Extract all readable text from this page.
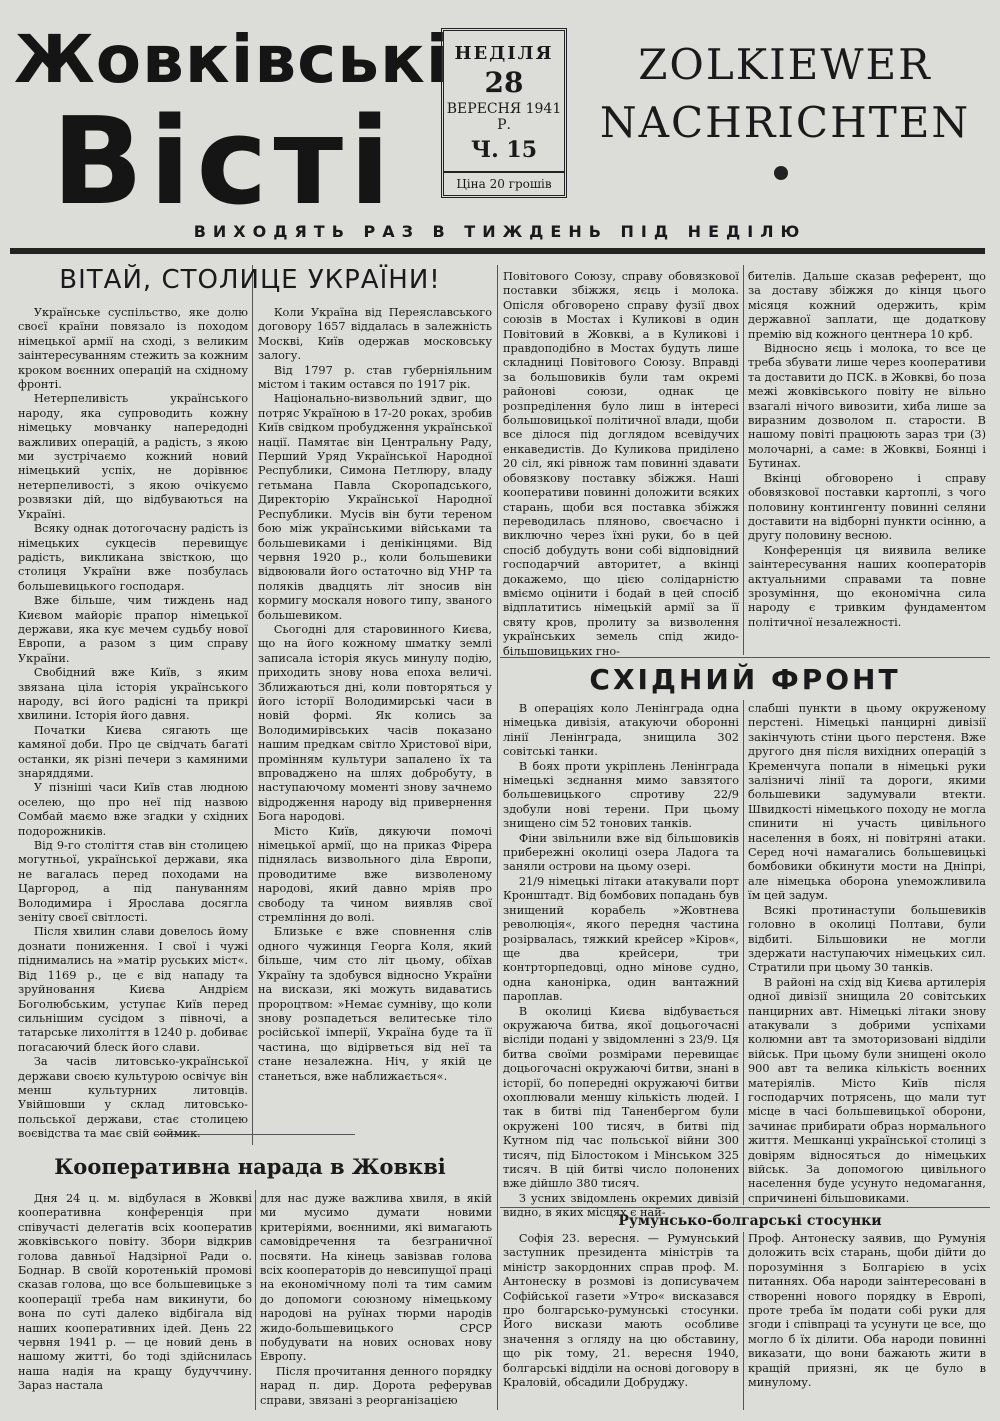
Жовківські
Вісті
НЕДІЛЯ
28
ВЕРЕСНЯ 1941 Р.
Ч. 15
Ціна 20 грошів
ZOLKIEWER
NACHRICHTEN
ВИХОДЯТЬ РАЗ В ТИЖДЕНЬ ПІД НЕДІЛЮ
ВІТАЙ, СТОЛИЦЕ УКРАЇНИ!

Українське суспільство, яке долю своєї країни повязало із походом німецької армії на сході, з великим заінтересуванням стежить за кожним кроком воєнних операцій на східному фронті.

Нетерпеливість українського народу, яка супроводить кожну німецьку мовчанку напередодні важливих операцій, а радість, з якою ми зустрічаємо кожний новий німецький успіх, не дорівнює нетерпеливості, з якою очікуємо розвязки дій, що відбуваються на Україні.

Всяку однак дотогочасну радість із німецьких сукцесів перевищує радість, викликана звісткою, що столиця України вже позбулась большевицького господаря.

Вже більше, чим тиждень над Києвом майоріє прапор німецької держави, яка кує мечем судьбу нової Европи, а разом з цим справу України.

Свобідний вже Київ, з яким звязана ціла історія українського народу, всі його радісні та прикрі хвилини. Історія його давня.

Початки Києва сягають ще камяної доби. Про це свідчать багаті останки, як різні печери з камяними знаряддями.

У пізніші часи Київ став людною оселею, що про неї під назвою Сомбай маємо вже згадки у східних подорожників.

Від 9-го століття став він столицею могутньої, української держави, яка не вагалась перед походами на Царгород, а під пануванням Володимира і Ярослава досягла зеніту своєї світлості.

Після хвилин слави довелось йому дознати пониження. І свої і чужі піднимались на »матір руських міст«. Від 1169 р., це є від нападу та зруйновання Києва Андрієм Боголюбським, уступає Київ перед сильнішим сусідом з півночі, а татарське лихоліття в 1240 р. добиває погасаючий блеск його слави.

За часів литовсько-української держави своєю культурою освічує він менш культурних литовців. Увійшовши у склад литовсько-польської держави, стає столицею воєвідства та має свій соймик.

Коли Україна від Переяславського договору 1657 віддалась в залежність Москві, Київ одержав московську залогу.

Від 1797 р. став губерніяльним містом і таким остався по 1917 рік.

Національно-визвольний здвиг, що потряс Україною в 17-20 роках, зробив Київ свідком пробудження української нації. Памятає він Центральну Раду, Перший Уряд Української Народної Республики, Симона Петлюру, владу гетьмана Павла Скоропадського, Директорію Української Народної Республики. Мусів він бути тереном бою між українськими військами та большевиками і денікінцями. Від червня 1920 р., коли большевики відвоювали його остаточно від УНР та поляків двадцять літ зносив він кормигу москаля нового типу, званого большевиком.

Сьогодні для старовинного Києва, що на його кожному шматку землі записала історія якусь минулу подію, приходить знову нова епоха величі. Зближаються дні, коли повторяться у його історії Володимирські часи в новій формі. Як колись за Володимирівських часів показано нашим предкам світло Христової віри, промінням культури запалено їх та впроваджено на шлях добробуту, в наступаючому моменті знову зачнемо відродження народу від привернення Бога народові.

Місто Київ, дякуючи помочі німецької армії, що на приказ Фірера піднялась визвольного діла Европи, проводитиме вже визволеному народові, який давно мріяв про свободу та чином виявляв свої стремління до волі.

Близьке є вже сповнення слів одного чужинця Георга Коля, який більше, чим сто літ цьому, обїхав Україну та здобувся відносно України на вискази, які можуть видаватись пророцтвом: »Немає сумніву, що коли знову розпадеться велитеське тіло російської імперії, Україна буде та її частина, що відірветься від неї та стане незалежна. Ніч, у якій це станеться, вже наближається«.

Повітового Союзу, справу обовязкової поставки збіжжя, яєць і молока. Опісля обговорено справу фузії двох союзів в Мостах і Куликові в один Повітовий в Жовкві, а в Куликові і правдоподібно в Мостах будуть лише складниці Повітового Союзу. Вправді за большовиків були там окремі районові союзи, однак це розпреділення було лиш в інтересі большовицької політичної влади, щоби все ділося під доглядом всевідучих енкаведистів. До Куликова приділено 20 сіл, які рівнож там повинні здавати обовязкову поставку збіжжя. Наші кооперативи повинні доложити всяких старань, щоби вся поставка збіжжя переводилась пляново, своєчасно і виключно через їхні руки, бо в цей спосіб добудуть вони собі відповідний господарчий авторитет, а вкінці докажемо, що цією солідарністю вміємо оцінити і бодай в цей спосіб відплатитись німецькій армії за її святу кров, пролиту за визволення українських земель спід жидо-більшовицьких гно-

бителів. Дальше сказав референт, що за доставу збіжжя до кінця цього місяця кожний одержить, крім державної заплати, ще додаткову премію від кожного центнера 10 крб.

Відносно яєць і молока, то все це треба збувати лише через кооперативи та доставити до ПСК. в Жовкві, бо поза межі жовківського повіту не вільно взагалі нічого вивозити, хиба лише за виразним дозволом п. старости. В нашому повіті працюють зараз три (3) молочарні, а саме: в Жовкві, Боянці і Бутинах.

Вкінці обговорено і справу обовязкової поставки картоплі, з чого половину контингенту повинні селяни доставити на відборні пункти осінню, а другу половину весною.

Конференція ця виявила велике заінтересування наших кооператорів актуальними справами та повне зрозуміння, що економічна сила народу є тривким фундаментом політичної незалежності.

Кооперативна нарада в Жовкві

Дня 24 ц. м. відбулася в Жовкві кооперативна конференція при співучасті делегатів всіх кооператив жовківського повіту. Збори відкрив голова давньої Надзірної Ради о. Боднар. В своїй коротенькій промові сказав голова, що все большевицьке з кооперації треба нам викинути, бо вона по суті далеко відбігала від наших кооперативних ідей. День 22 червня 1941 р. — це новий день в нашому житті, бо тоді здійснилась наша надія на кращу будуччину. Зараз настала

для нас дуже важлива хвиля, в якій ми мусимо думати новими критеріями, воєнними, які вимагають самовідречення та безграничної посвяти. На кінець завізвав голова всіх кооператорів до невсипущої праці на економічному полі та тим самим до допомоги союзному німецькому народові на руїнах тюрми народів жидо-большевицького СРСР побудувати на нових основах нову Европу.

Після прочитання денного порядку нарад п. дир. Дорота реферував справи, звязані з реорганізацією

СХІДНИЙ ФРОНТ

В операціях коло Ленінграда одна німецька дивізія, атакуючи оборонні лінії Ленінграда, знищила 302 совітські танки.

В боях проти укріплень Ленінграда німецькі зєднання мимо завзятого большевицького спротиву 22/9 здобули нові терени. При цьому знищено сім 52 тонових танків.

Фіни звільнили вже від більшовиків прибережні околиці озера Ладога та заняли острови на цьому озері.

21/9 німецькі літаки атакували порт Кронштадт. Від бомбових попадань був знищений корабель »Жовтнева революція«, якого передня частина розірвалась, тяжкий крейсер »Кіров«, ще два крейсери, три контрторпедовці, одно мінове судно, одна канонірка, один вантажний пароплав.

В околиці Києва відбувається окружаюча битва, якої доцьогочасні вісліди подані у звідомленні з 23/9. Ця битва своїми розмірами перевищає доцьогочасні окружаючі битви, знані в історії, бо попередні окружаючі битви охоплювали меншу кількість людей. І так в битві під Таненбергом були окружені 100 тисяч, в битві під Кутном під час польської війни 300 тисяч, під Білостоком і Мінськом 325 тисяч. В цій битві число полонених вже дійшло 380 тисяч.

З усних звідомлень окремих дивізій видно, в яких місцях є най-

слабші пункти в цьому окруженому перстені. Німецькі панцирні дивізії закінчують стіни цього перстеня. Вже другого дня після вихідних операцій з Кременчуга попали в німецькі руки залізничі лінії та дороги, якими большевики задумували втекти. Швидкості німецького походу не могла спинити ні участь цивільного населення в боях, ні повітряні атаки. Серед ночі намагались большевицькі бомбовики обкинути мости на Дніпрі, але німецька оборона уneможливила їм цей задум.

Всякі протинаступи большевиків головно в околиці Полтави, були відбиті. Більшовики не могли здержати наступаючих німецьких сил. Стратили при цьому 30 танків.

В районі на схід від Києва артилерія одної дивізії знищила 20 совітських панцирних авт. Німецькі літаки знову атакували з добрими успіхами колюмни авт та змоторизовані відділи військ. При цьому були знищені около 900 авт та велика кількість воєнних матеріялів. Місто Київ після господарчих потрясень, що мали тут місце в часі большевицької оборони, зачинає прибирати образ нормального життя. Мешканці української столиці з довірям відносяться до німецьких військ. За допомогою цивільного населення буде усунуто недомагання, спричинені більшовиками.

Румунсько-болгарські стосунки

Софія 23. вересня. — Румунський заступник президента міністрів та міністр закордонних справ проф. М. Антонеску в розмові із дописувачем Софійської газети »Утро« висказався про болгарсько-румунські стосунки. Його вискази мають особливе значення з огляду на цю обставину, що рік тому, 21. вересня 1940, болгарські відділи на основі договору в Краловій, обсадили Добруджу.

Проф. Антонеску заявив, що Румунія доложить всіх старань, щоби дійти до порозуміння з Болгарією в усіх питаннях. Оба народи заінтересовані в створенні нового порядку в Европі, проте треба їм подати собі руки для згоди і співпраці та усунути це все, що могло б їх ділити. Оба народи повинні виказати, що вони бажають жити в кращій приязні, як це було в минулому.
